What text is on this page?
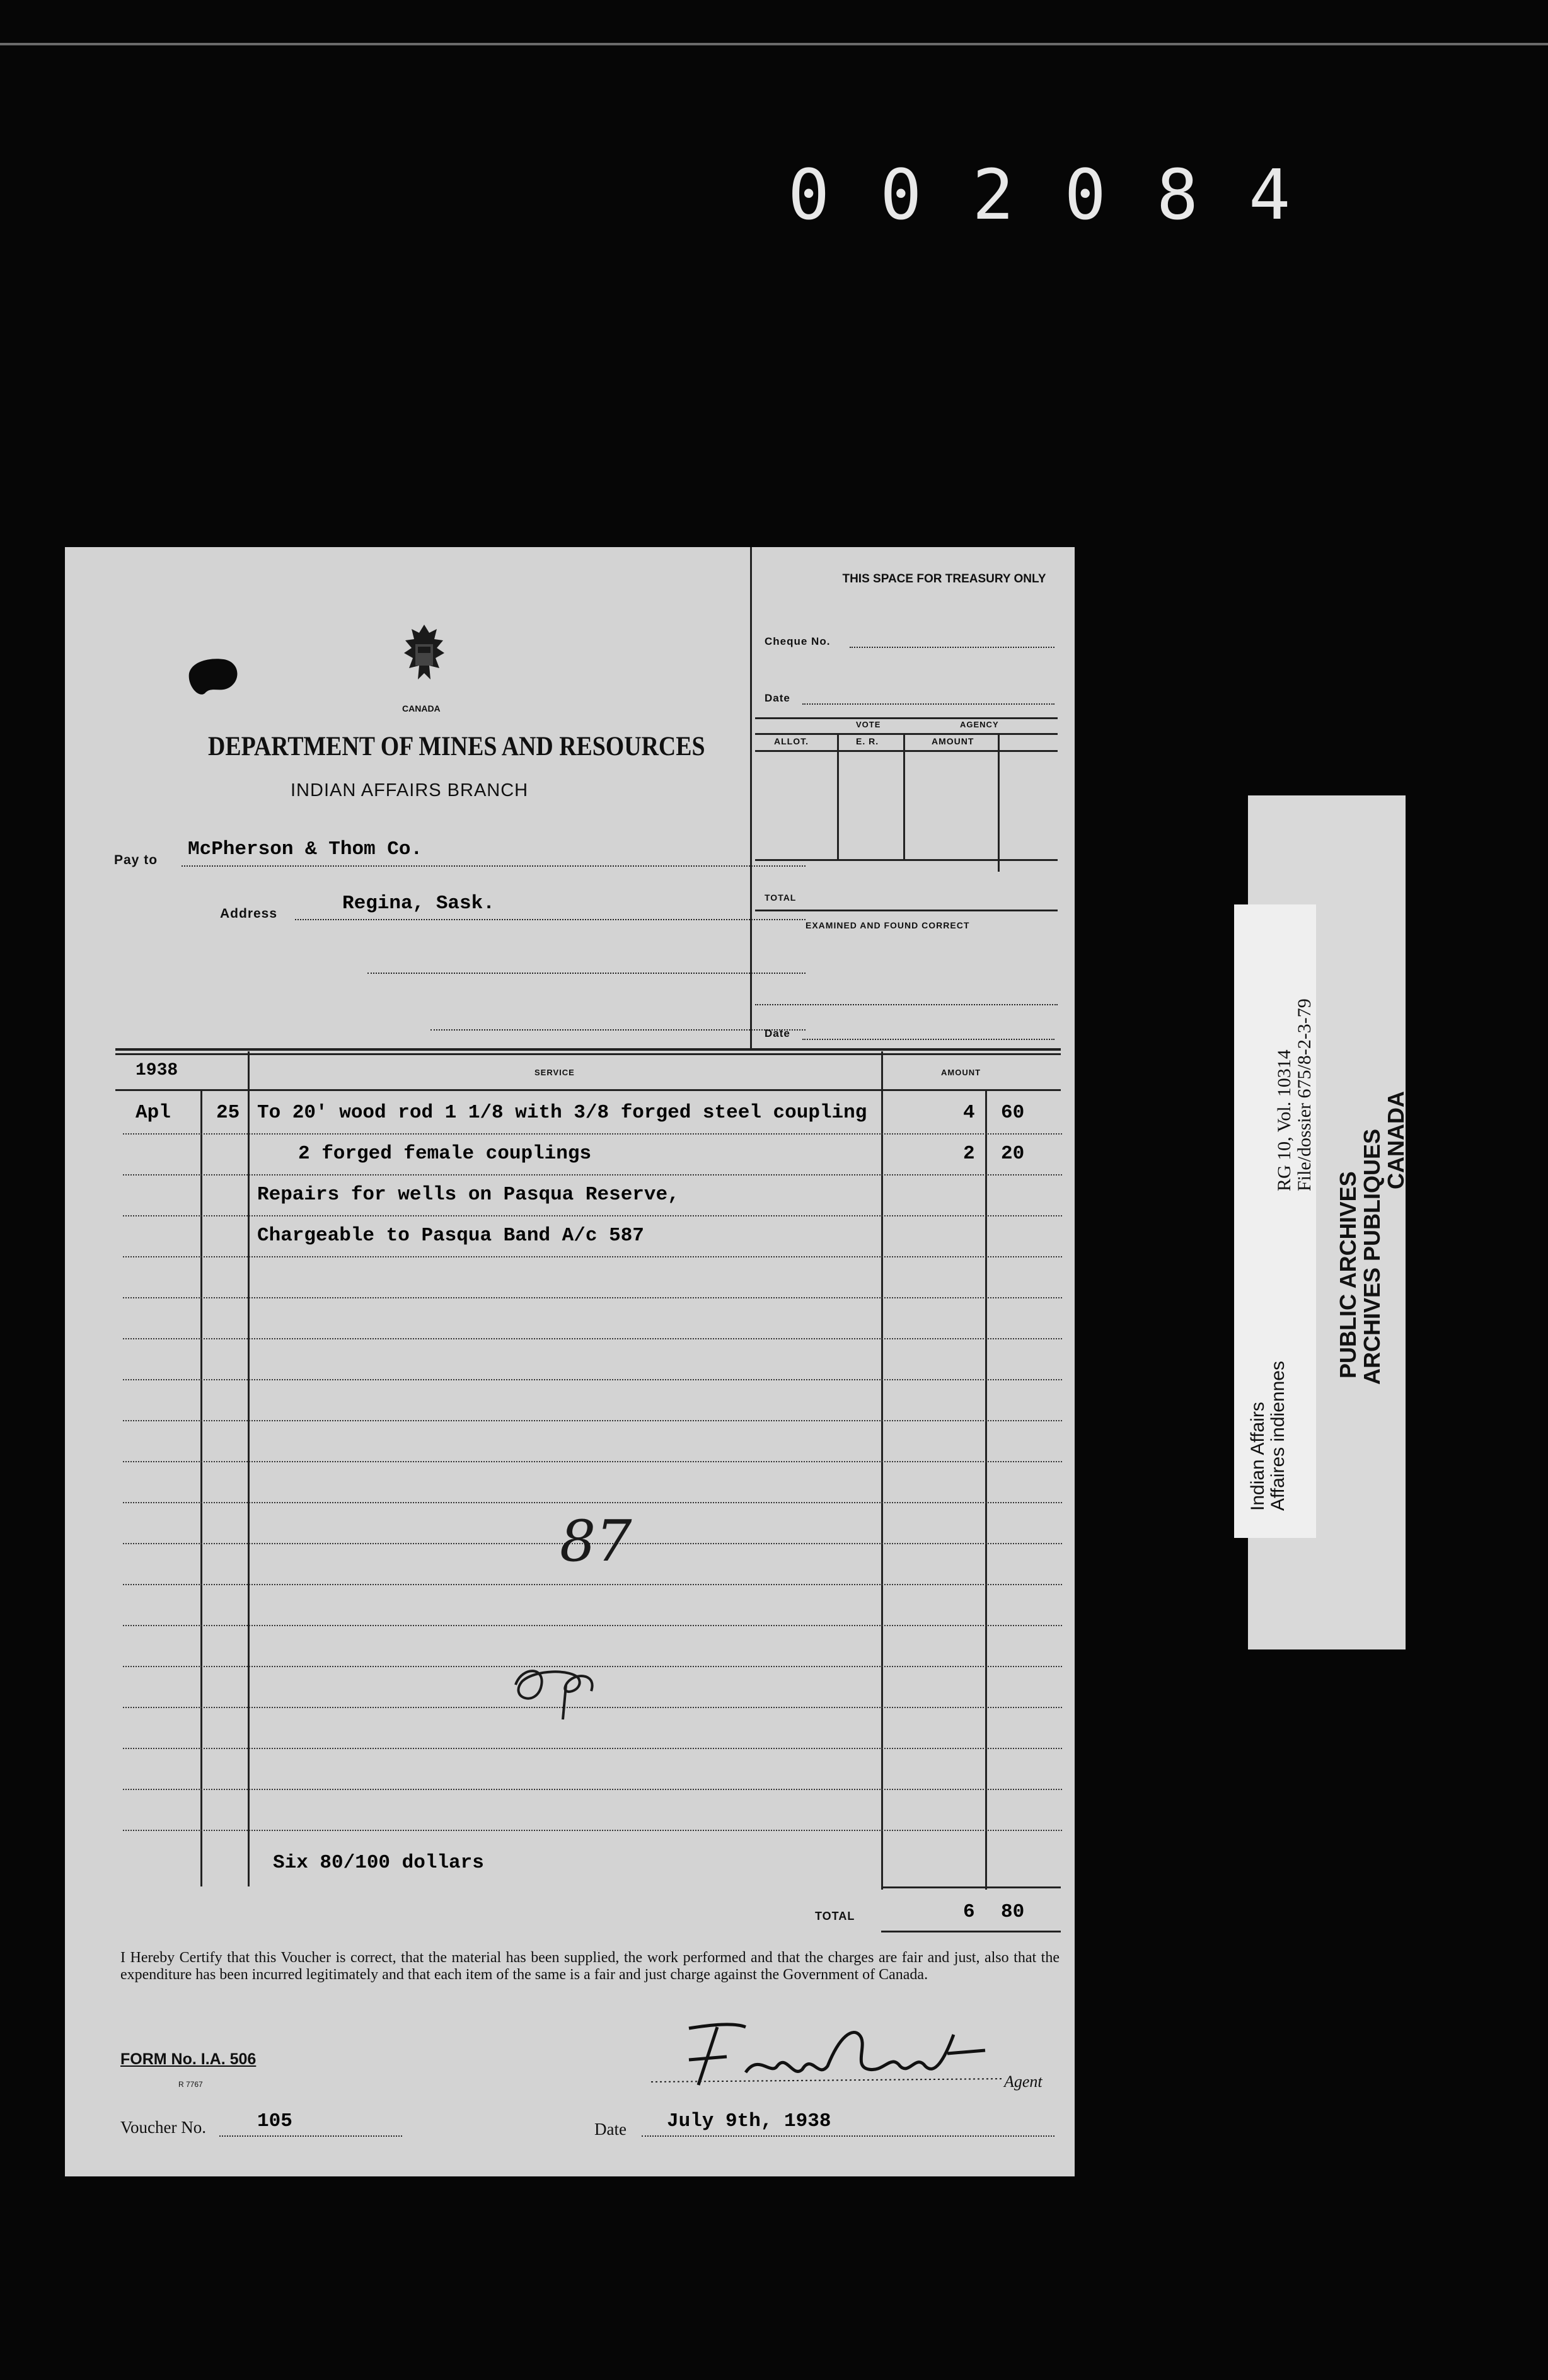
002084
CANADA
DEPARTMENT OF MINES AND RESOURCES
INDIAN AFFAIRS BRANCH
Pay to McPherson & Thom Co.
Address	Regina, Sask.
THIS SPACE FOR TREASURY ONLY
Cheque No.
Date
VOTE	AGENCY
ALLOT.	E. R.	AMOUNT
TOTAL
EXAMINED AND FOUND CORRECT
Date
1938	SERVICE	AMOUNT
Apl 25 To 20' wood rod 1 1/8 with 3/8 forged steel coupling	4 60
2 forged female couplings	2 20
Repairs for wells on Pasqua Reserve,
Chargeable to Pasqua Band A/c 587
87
Six 80/100 dollars
TOTAL	6 80
I Hereby Certify that this Voucher is correct, that the material has been supplied, the work performed and that the charges are fair and just, also that the expenditure has been incurred legitimately and that each item of the same is a fair and just charge against the Government of Canada.
FORM No. I.A. 506
R 7767	Agent
Voucher No.	105	Date July 9th, 1938
PUBLIC ARCHIVES
ARCHIVES PUBLIQUES
CANADA
RG 10, Vol. 10314 File/dossier 675/8-2-3-79
Indian Affairs Affaires indiennes
